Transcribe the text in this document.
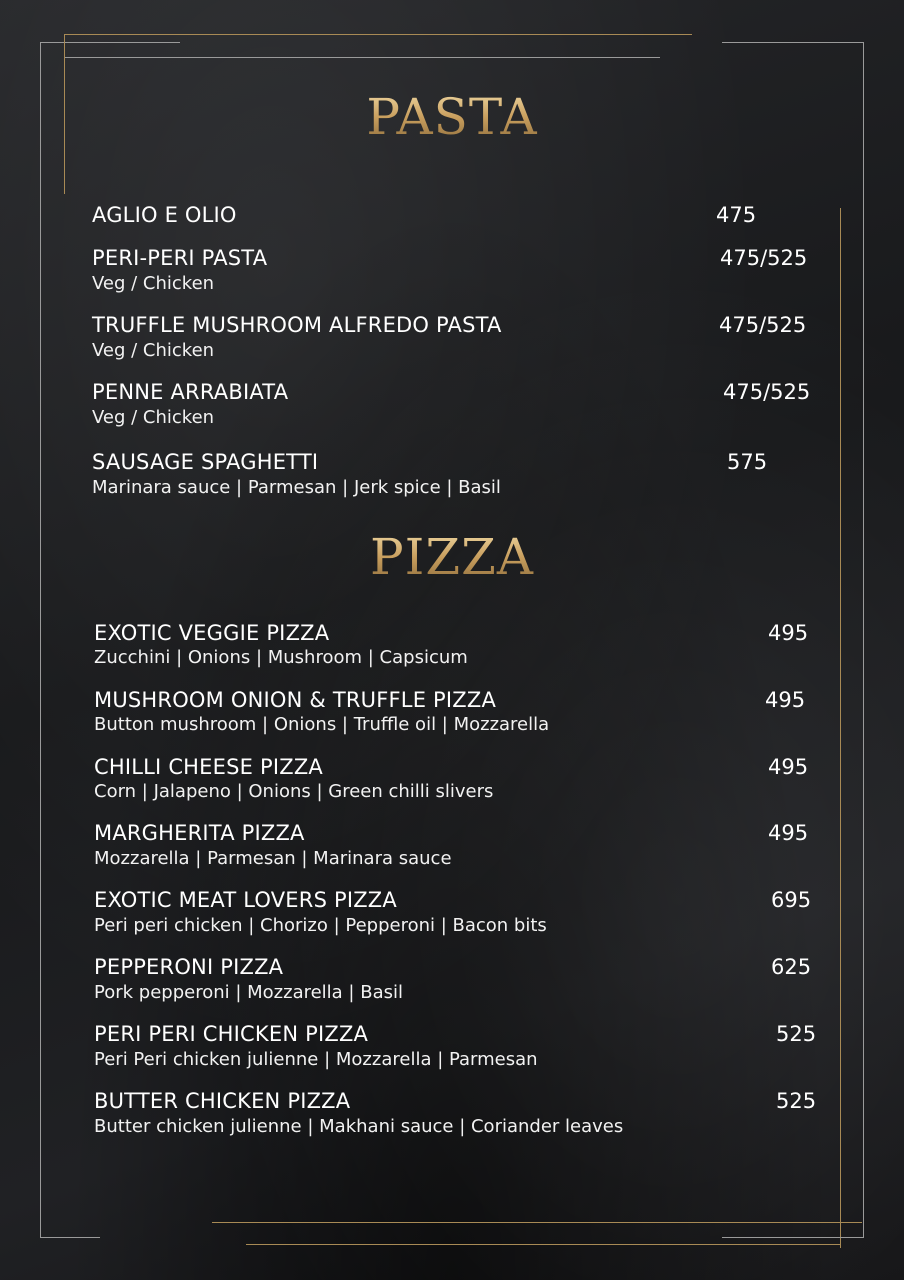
PASTA
AGLIO E OLIO	475
PERI-PERI PASTA
Veg / Chicken
475/525
TRUFFLE MUSHROOM ALFREDO PASTA
Veg / Chicken
475/525
PENNE ARRABIATA
Veg / Chicken
475/525
SAUSAGE SPAGHETTI
Marinara sauce | Parmesan | Jerk spice | Basil
575
PIZZA
EXOTIC VEGGIE PIZZA
Zucchini | Onions | Mushroom | Capsicum
495
MUSHROOM ONION & TRUFFLE PIZZA
Button mushroom | Onions | Truffle oil | Mozzarella
495
CHILLI CHEESE PIZZA
Corn | Jalapeno | Onions | Green chilli slivers
495
MARGHERITA PIZZA
Mozzarella | Parmesan | Marinara sauce
495
EXOTIC MEAT LOVERS PIZZA
Peri peri chicken | Chorizo | Pepperoni | Bacon bits
695
PEPPERONI PIZZA
Pork pepperoni | Mozzarella | Basil
625
PERI PERI CHICKEN PIZZA
Peri Peri chicken julienne | Mozzarella | Parmesan
525
BUTTER CHICKEN PIZZA
Butter chicken julienne | Makhani sauce | Coriander leaves
525
